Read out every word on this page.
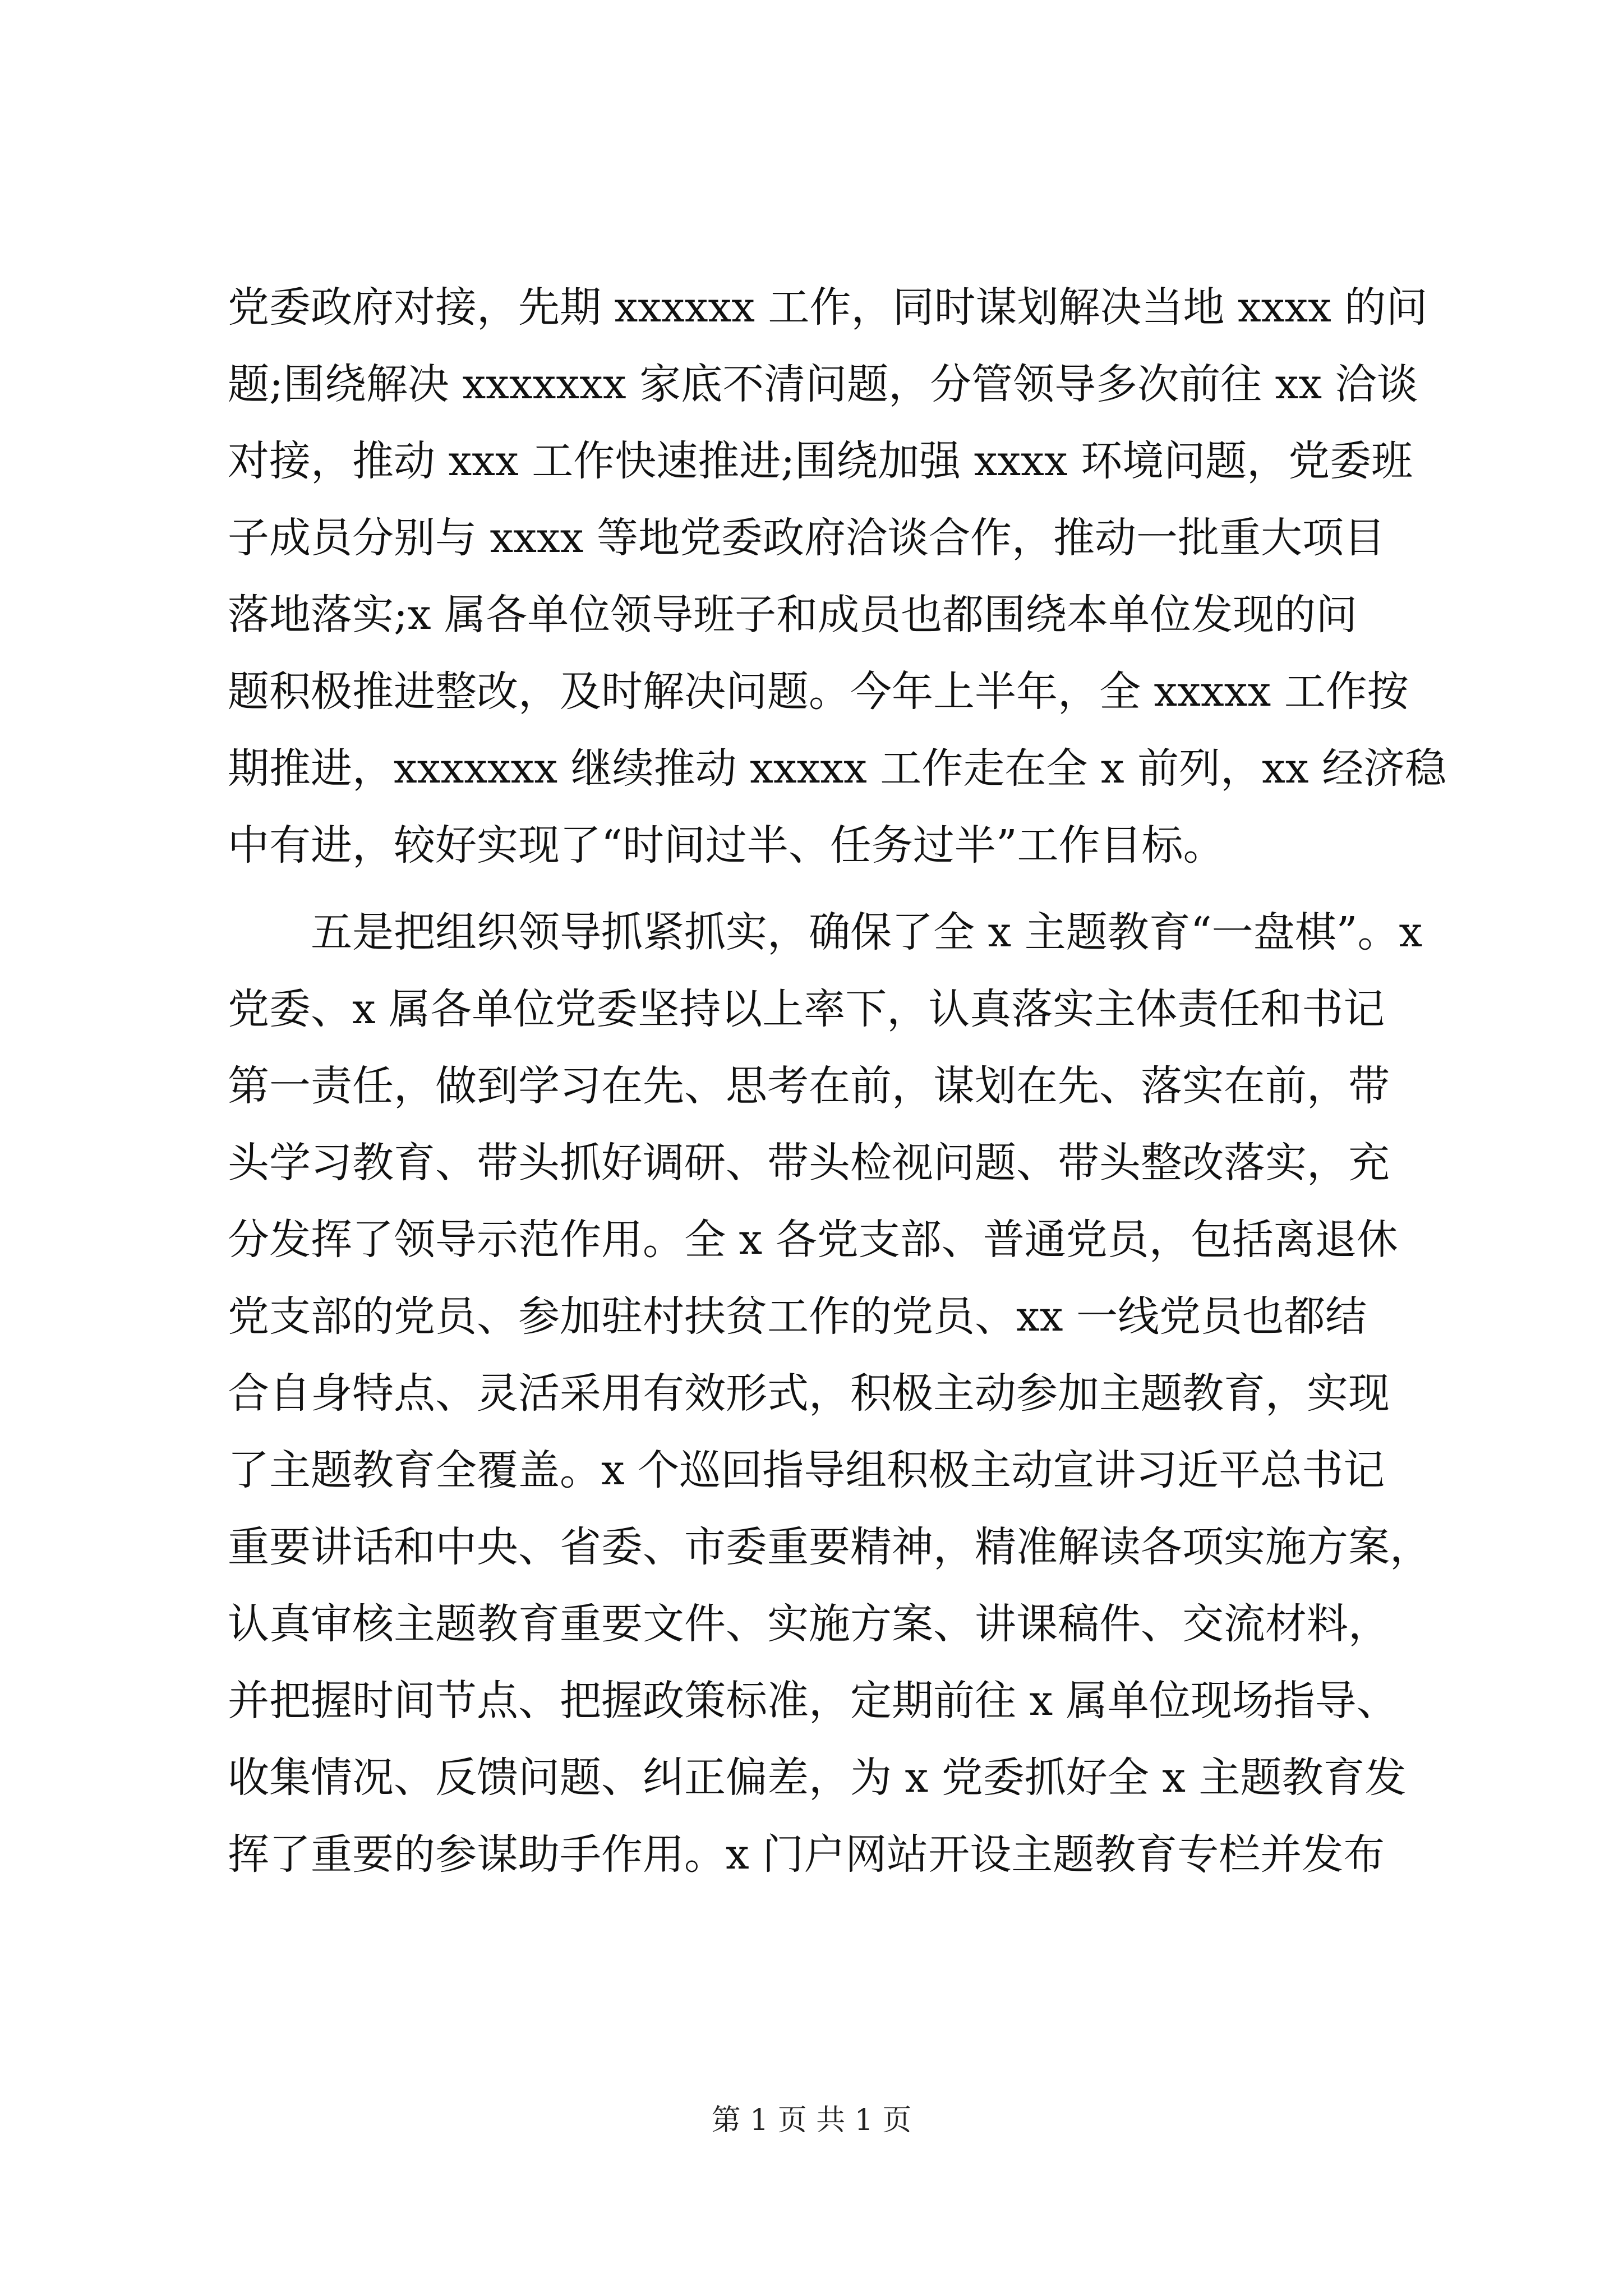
党委政府对接，先期 xxxxxx 工作，同时谋划解决当地 xxxx 的问
题;围绕解决 xxxxxxx 家底不清问题，分管领导多次前往 xx 洽谈
对接，推动 xxx 工作快速推进;围绕加强 xxxx 环境问题，党委班
子成员分别与 xxxx 等地党委政府洽谈合作，推动一批重大项目
落地落实;x 属各单位领导班子和成员也都围绕本单位发现的问
题积极推进整改，及时解决问题。今年上半年，全 xxxxx 工作按
期推进，xxxxxxx 继续推动 xxxxx 工作走在全 x 前列，xx 经济稳
中有进，较好实现了“时间过半、任务过半”工作目标。
五是把组织领导抓紧抓实，确保了全 x 主题教育“一盘棋”。x
党委、x 属各单位党委坚持以上率下，认真落实主体责任和书记
第一责任，做到学习在先、思考在前，谋划在先、落实在前，带
头学习教育、带头抓好调研、带头检视问题、带头整改落实，充
分发挥了领导示范作用。全 x 各党支部、普通党员，包括离退休
党支部的党员、参加驻村扶贫工作的党员、xx 一线党员也都结
合自身特点、灵活采用有效形式，积极主动参加主题教育，实现
了主题教育全覆盖。x 个巡回指导组积极主动宣讲习近平总书记
重要讲话和中央、省委、市委重要精神，精准解读各项实施方案，
认真审核主题教育重要文件、实施方案、讲课稿件、交流材料，
并把握时间节点、把握政策标准，定期前往 x 属单位现场指导、
收集情况、反馈问题、纠正偏差，为 x 党委抓好全 x 主题教育发
挥了重要的参谋助手作用。x 门户网站开设主题教育专栏并发布
第 1 页 共 1 页
